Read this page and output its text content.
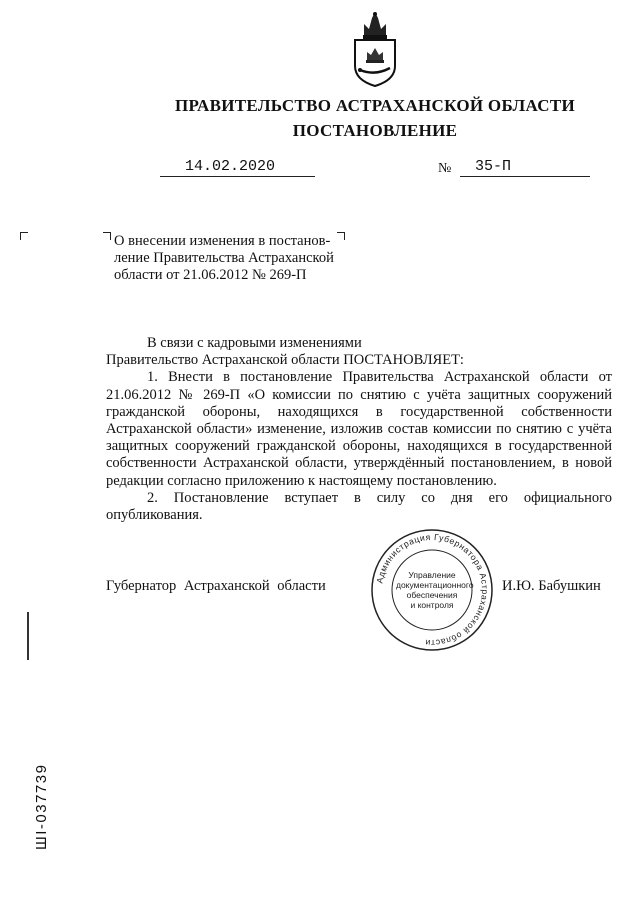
ПРАВИТЕЛЬСТВО АСТРАХАНСКОЙ ОБЛАСТИ
ПОСТАНОВЛЕНИЕ
14.02.2020	№ 35-П
О внесении изменения в постанов-
ление Правительства Астраханской
области от 21.06.2012 № 269-П

В связи с кадровыми изменениями

Правительство Астраханской области ПОСТАНОВЛЯЕТ:

1. Внести в постановление Правительства Астраханской области от 21.06.2012 № 269-П «О комиссии по снятию с учёта защитных сооружений гражданской обороны, находящихся в государственной собственности Астраханской области» изменение, изложив состав комиссии по снятию с учёта защитных сооружений гражданской обороны, находящихся в государственной собственности Астраханской области, утверждённый постановлением, в новой редакции согласно приложению к настоящему постановлению.

2. Постановление вступает в силу со дня его официального опубликования.

Губернатор Астраханской области	И.Ю. Бабушкин
Администрация Губернатора Астраханской области
Управление
документационного
обеспечения
и контроля
ШI-037739
